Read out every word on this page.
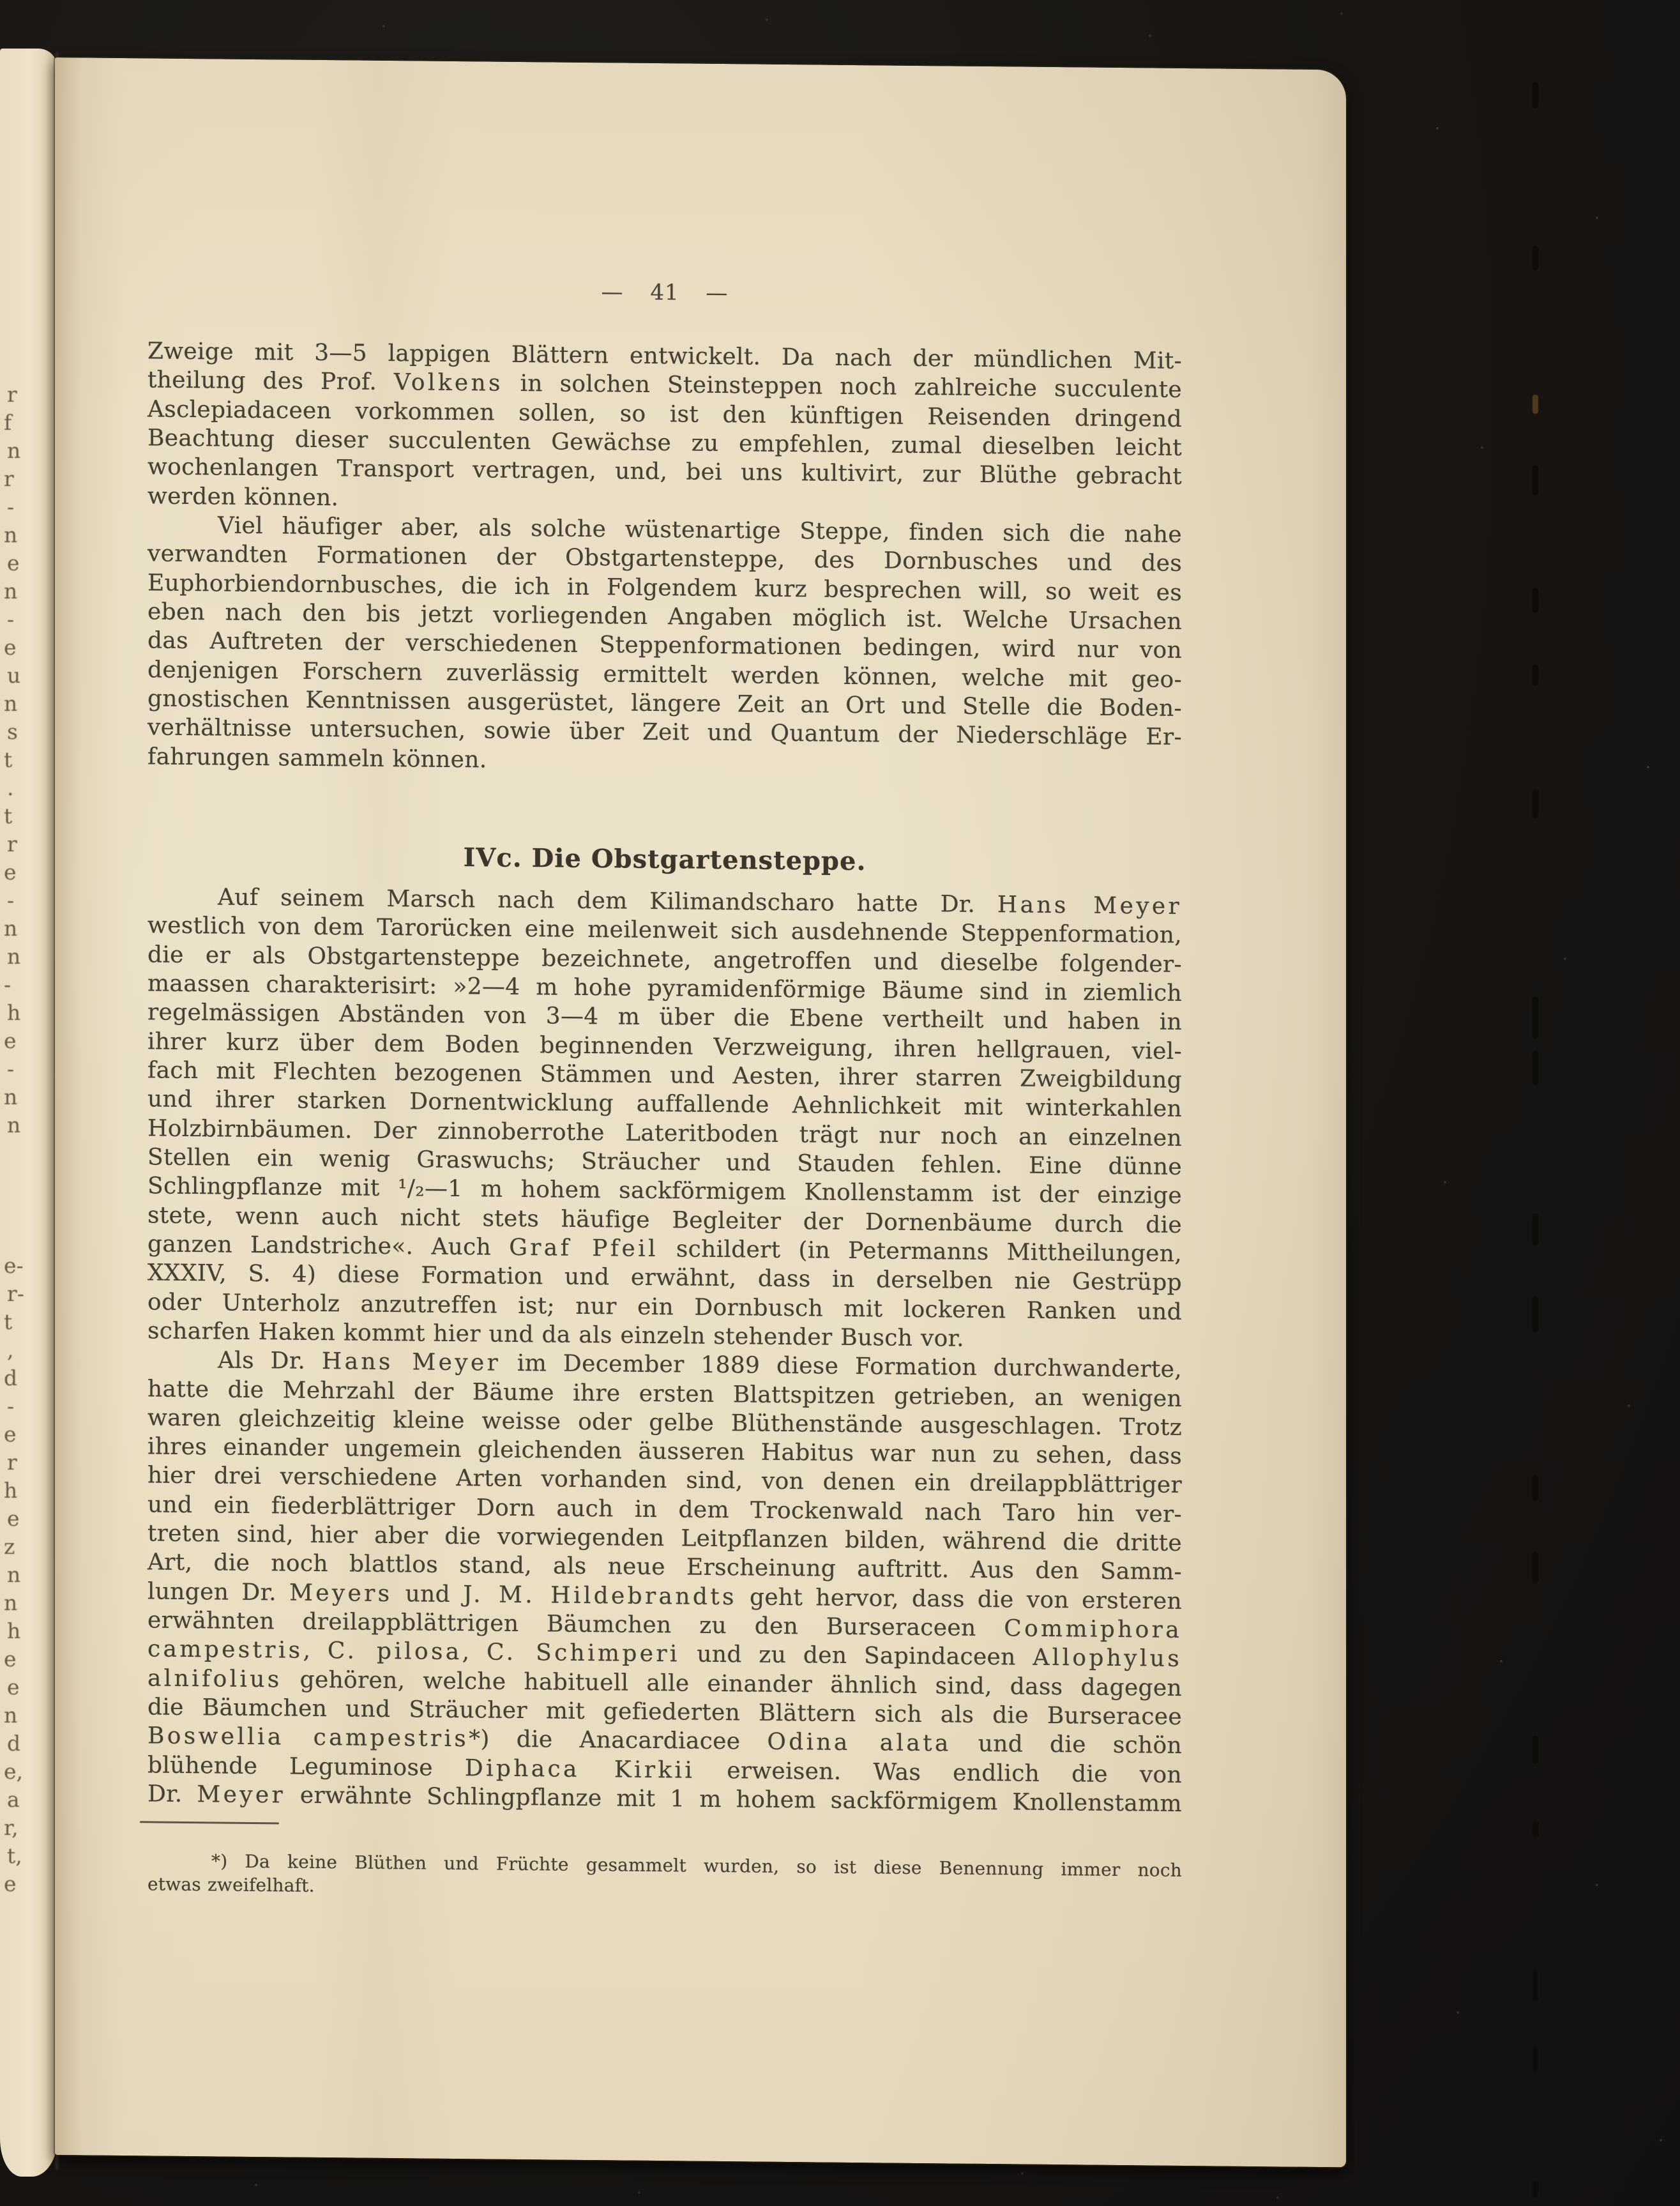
r
f
n
r
-
n
e
n
-
e
u
n
s
t
.
t
r
e
-
n
n
-
h
e
-
n
n
e-
r-
t
,
d
-
e
r
h
e
z
n
n
h
e
e
n
d
e,
a
r,
t,
e
— 41 —
Zweige mit 3—5 lappigen Blättern entwickelt. Da nach der mündlichen Mit-
theilung des Prof. Volkens in solchen Steinsteppen noch zahlreiche succulente
Asclepiadaceen vorkommen sollen, so ist den künftigen Reisenden dringend
Beachtung dieser succulenten Gewächse zu empfehlen, zumal dieselben leicht
wochenlangen Transport vertragen, und, bei uns kultivirt, zur Blüthe gebracht
werden können.
Viel häufiger aber, als solche wüstenartige Steppe, finden sich die nahe
verwandten Formationen der Obstgartensteppe, des Dornbusches und des
Euphorbiendornbusches, die ich in Folgendem kurz besprechen will, so weit es
eben nach den bis jetzt vorliegenden Angaben möglich ist. Welche Ursachen
das Auftreten der verschiedenen Steppenformationen bedingen, wird nur von
denjenigen Forschern zuverlässig ermittelt werden können, welche mit geo-
gnostischen Kenntnissen ausgerüstet, längere Zeit an Ort und Stelle die Boden-
verhältnisse untersuchen, sowie über Zeit und Quantum der Niederschläge Er-
fahrungen sammeln können.
IVc. Die Obstgartensteppe.
Auf seinem Marsch nach dem Kilimandscharo hatte Dr. Hans Meyer
westlich von dem Tarorücken eine meilenweit sich ausdehnende Steppenformation,
die er als Obstgartensteppe bezeichnete, angetroffen und dieselbe folgender-
maassen charakterisirt: »2—4 m hohe pyramidenförmige Bäume sind in ziemlich
regelmässigen Abständen von 3—4 m über die Ebene vertheilt und haben in
ihrer kurz über dem Boden beginnenden Verzweigung, ihren hellgrauen, viel-
fach mit Flechten bezogenen Stämmen und Aesten, ihrer starren Zweigbildung
und ihrer starken Dornentwicklung auffallende Aehnlichkeit mit winterkahlen
Holzbirnbäumen. Der zinnoberrothe Lateritboden trägt nur noch an einzelnen
Stellen ein wenig Graswuchs; Sträucher und Stauden fehlen. Eine dünne
Schlingpflanze mit ¹/₂—1 m hohem sackförmigem Knollenstamm ist der einzige
stete, wenn auch nicht stets häufige Begleiter der Dornenbäume durch die
ganzen Landstriche«. Auch Graf Pfeil schildert (in Petermanns Mittheilungen,
XXXIV, S. 4) diese Formation und erwähnt, dass in derselben nie Gestrüpp
oder Unterholz anzutreffen ist; nur ein Dornbusch mit lockeren Ranken und
scharfen Haken kommt hier und da als einzeln stehender Busch vor.
Als Dr. Hans Meyer im December 1889 diese Formation durchwanderte,
hatte die Mehrzahl der Bäume ihre ersten Blattspitzen getrieben, an wenigen
waren gleichzeitig kleine weisse oder gelbe Blüthenstände ausgeschlagen. Trotz
ihres einander ungemein gleichenden äusseren Habitus war nun zu sehen, dass
hier drei verschiedene Arten vorhanden sind, von denen ein dreilappblättriger
und ein fiederblättriger Dorn auch in dem Trockenwald nach Taro hin ver-
treten sind, hier aber die vorwiegenden Leitpflanzen bilden, während die dritte
Art, die noch blattlos stand, als neue Erscheinung auftritt. Aus den Samm-
lungen Dr. Meyers und J. M. Hildebrandts geht hervor, dass die von ersteren
erwähnten dreilappblättrigen Bäumchen zu den Burseraceen Commiphora
campestris, C. pilosa, C. Schimperi und zu den Sapindaceen Allophylus
alnifolius gehören, welche habituell alle einander ähnlich sind, dass dagegen
die Bäumchen und Sträucher mit gefiederten Blättern sich als die Burseracee
Boswellia campestris*) die Anacardiacee Odina alata und die schön
blühende Leguminose Diphaca Kirkii erweisen. Was endlich die von
Dr. Meyer erwähnte Schlingpflanze mit 1 m hohem sackförmigem Knollenstamm
*) Da keine Blüthen und Früchte gesammelt wurden, so ist diese Benennung immer noch
etwas zweifelhaft.
